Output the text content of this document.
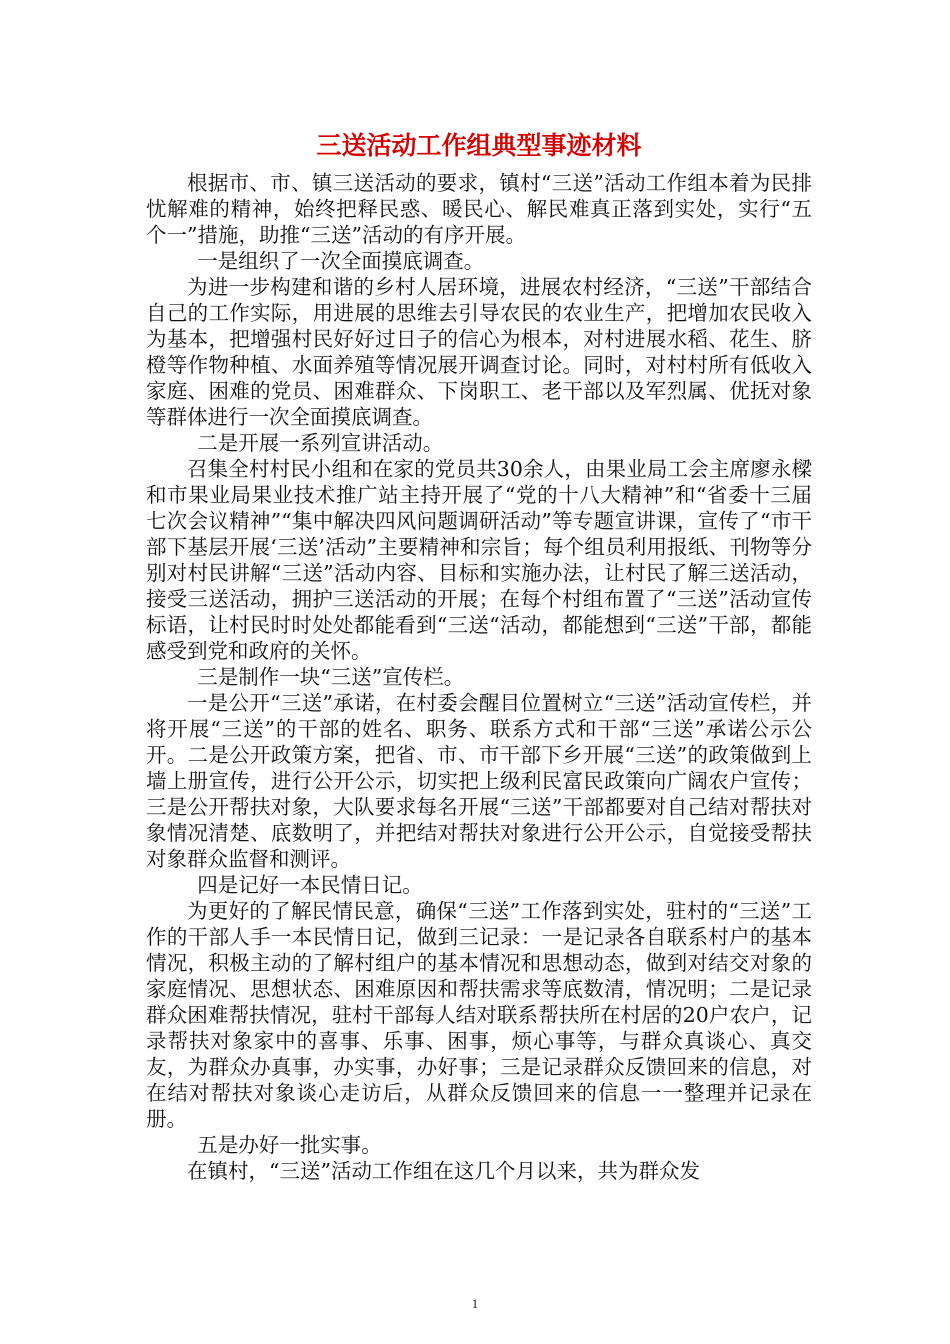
三送活动工作组典型事迹材料

根据市、市、镇三送活动的要求，镇村“三送”活动工作组本着为民排忧解难的精神，始终把释民惑、暖民心、解民难真正落到实处，实行“五个一”措施，助推“三送”活动的有序开展。

一是组织了一次全面摸底调查。

为进一步构建和谐的乡村人居环境，进展农村经济，“三送”干部结合自己的工作实际，用进展的思维去引导农民的农业生产，把增加农民收入为基本，把增强村民好好过日子的信心为根本，对村进展水稻、花生、脐橙等作物种植、水面养殖等情况展开调查讨论。同时，对村村所有低收入家庭、困难的党员、困难群众、下岗职工、老干部以及军烈属、优抚对象等群体进行一次全面摸底调查。

二是开展一系列宣讲活动。

召集全村村民小组和在家的党员共30余人，由果业局工会主席廖永樑和市果业局果业技术推广站主持开展了“党的十八大精神”和“省委十三届七次会议精神”“集中解决四风问题调研活动”等专题宣讲课，宣传了“市干部下基层开展‘三送’活动”主要精神和宗旨；每个组员利用报纸、刊物等分别对村民讲解“三送”活动内容、目标和实施办法，让村民了解三送活动，接受三送活动，拥护三送活动的开展；在每个村组布置了“三送”活动宣传标语，让村民时时处处都能看到“三送“活动，都能想到“三送”干部，都能感受到党和政府的关怀。

三是制作一块“三送”宣传栏。

一是公开“三送”承诺，在村委会醒目位置树立“三送”活动宣传栏，并将开展“三送”的干部的姓名、职务、联系方式和干部“三送”承诺公示公开。二是公开政策方案，把省、市、市干部下乡开展“三送”的政策做到上墙上册宣传，进行公开公示，切实把上级利民富民政策向广阔农户宣传；三是公开帮扶对象，大队要求每名开展“三送”干部都要对自己结对帮扶对象情况清楚、底数明了，并把结对帮扶对象进行公开公示，自觉接受帮扶对象群众监督和测评。

四是记好一本民情日记。

为更好的了解民情民意，确保“三送”工作落到实处，驻村的“三送”工作的干部人手一本民情日记，做到三记录：一是记录各自联系村户的基本情况，积极主动的了解村组户的基本情况和思想动态，做到对结交对象的家庭情况、思想状态、困难原因和帮扶需求等底数清，情况明；二是记录群众困难帮扶情况，驻村干部每人结对联系帮扶所在村居的20户农户，记录帮扶对象家中的喜事、乐事、困事，烦心事等，与群众真谈心、真交友，为群众办真事，办实事，办好事；三是记录群众反馈回来的信息，对在结对帮扶对象谈心走访后，从群众反馈回来的信息一一整理并记录在册。

五是办好一批实事。

在镇村，“三送”活动工作组在这几个月以来，共为群众发

1
